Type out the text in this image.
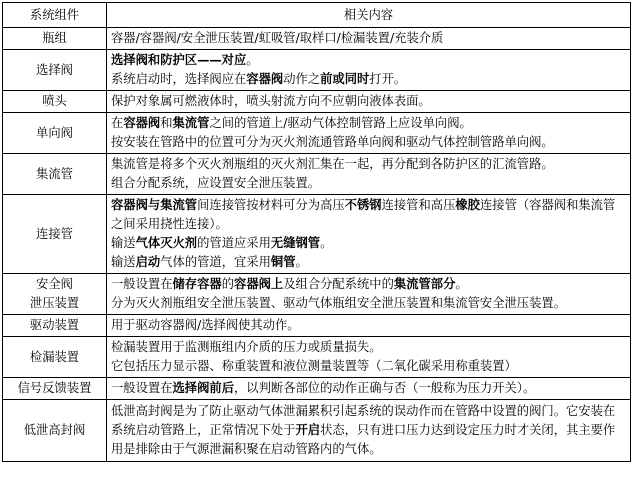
系统组件	相关内容

瓶组	容器/容器阀/安全泄压装置/虹吸管/取样口/检漏装置/充装介质

选择阀	选择阀和防护区——对应。
系统启动时，选择阀应在容器阀动作之前或同时打开。

喷头	保护对象属可燃液体时，喷头射流方向不应朝向液体表面。

单向阀	在容器阀和集流管之间的管道上/驱动气体控制管路上应设单向阀。
按安装在管路中的位置可分为灭火剂流通管路单向阀和驱动气体控制管路单向阀。

集流管	集流管是将多个灭火剂瓶组的灭火剂汇集在一起，再分配到各防护区的汇流管路。
组合分配系统，应设置安全泄压装置。

连接管	容器阀与集流管间连接管按材料可分为高压不锈钢连接管和高压橡胶连接管（容器阀和集流管之间采用挠性连接）。
输送气体灭火剂的管道应采用无缝钢管。
输送启动气体的管道，宜采用铜管。

安全阀
泄压装置	一般设置在储存容器的容器阀上及组合分配系统中的集流管部分。
分为灭火剂瓶组安全泄压装置、驱动气体瓶组安全泄压装置和集流管安全泄压装置。

驱动装置	用于驱动容器阀/选择阀使其动作。

检漏装置	检漏装置用于监测瓶组内介质的压力或质量损失。
它包括压力显示器、称重装置和液位测量装置等（二氧化碳采用称重装置）

信号反馈装置	一般设置在选择阀前后，以判断各部位的动作正确与否（一般称为压力开关）。

低泄高封阀	低泄高封阀是为了防止驱动气体泄漏累积引起系统的误动作而在管路中设置的阀门。它安装在系统启动管路上，正常情况下处于开启状态，只有进口压力达到设定压力时才关闭，其主要作用是排除由于气源泄漏积聚在启动管路内的气体。
